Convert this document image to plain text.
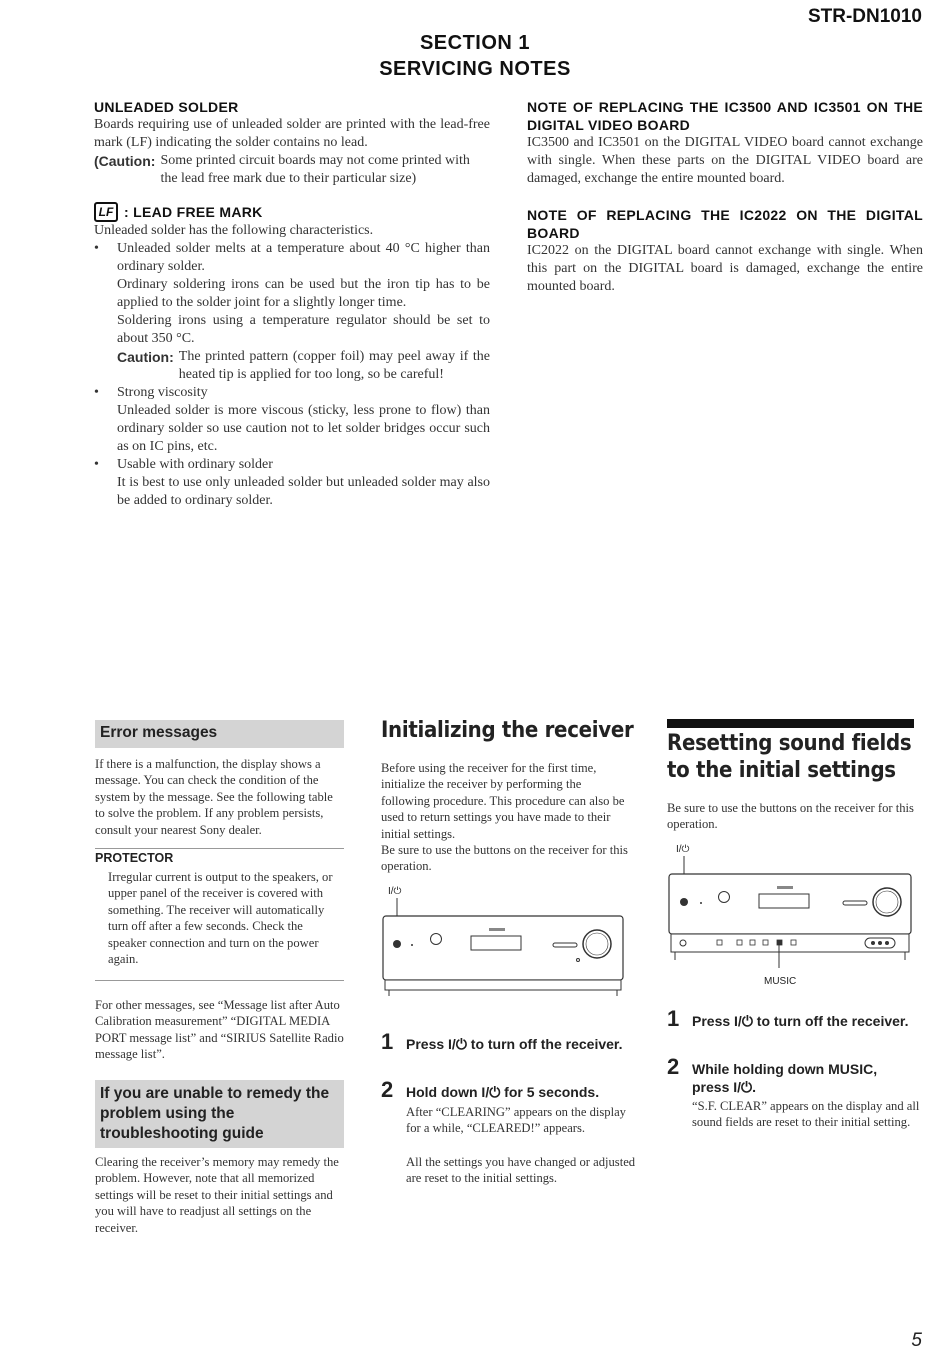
STR-DN1010
SECTION 1
SERVICING NOTES
UNLEADED SOLDER
Boards requiring use of unleaded solder are printed with the lead-free mark (LF) indicating the solder contains no lead.
(Caution: Some printed circuit boards may not come printed with the lead free mark due to their particular size)
LF : LEAD FREE MARK
Unleaded solder has the following characteristics.
•	Unleaded solder melts at a temperature about 40 °C higher than ordinary solder.
Ordinary soldering irons can be used but the iron tip has to be applied to the solder joint for a slightly longer time.
Soldering irons using a temperature regulator should be set to about 350 °C.
Caution: The printed pattern (copper foil) may peel away if the heated tip is applied for too long, so be careful!
•	Strong viscosity
Unleaded solder is more viscous (sticky, less prone to flow) than ordinary solder so use caution not to let solder bridges occur such as on IC pins, etc.
•	Usable with ordinary solder
It is best to use only unleaded solder but unleaded solder may also be added to ordinary solder.
NOTE OF REPLACING THE IC3500 AND IC3501 ON THE DIGITAL VIDEO BOARD
IC3500 and IC3501 on the DIGITAL VIDEO board cannot exchange with single. When these parts on the DIGITAL VIDEO board are damaged, exchange the entire mounted board.
NOTE OF REPLACING THE IC2022 ON THE DIGITAL BOARD
IC2022 on the DIGITAL board cannot exchange with single. When this part on the DIGITAL board is damaged, exchange the entire mounted board.
Error messages
If there is a malfunction, the display shows a message. You can check the condition of the system by the message. See the following table to solve the problem. If any problem persists, consult your nearest Sony dealer.
PROTECTOR
Irregular current is output to the speakers, or upper panel of the receiver is covered with something. The receiver will automatically turn off after a few seconds. Check the speaker connection and turn on the power again.
For other messages, see “Message list after Auto Calibration measurement” “DIGITAL MEDIA PORT message list” and “SIRIUS Satellite Radio message list”.
If you are unable to remedy the problem using the troubleshooting guide
Clearing the receiver’s memory may remedy the problem. However, note that all memorized settings will be reset to their initial settings and you will have to readjust all settings on the receiver.
Initializing the receiver
Before using the receiver for the first time, initialize the receiver by performing the following procedure. This procedure can also be used to return settings you have made to their initial settings.
Be sure to use the buttons on the receiver for this operation.
I/⏻
1 Press I/⏻ to turn off the receiver.
2 Hold down I/⏻ for 5 seconds.
After “CLEARING” appears on the display for a while, “CLEARED!” appears.
All the settings you have changed or adjusted are reset to the initial settings.
Resetting sound fields to the initial settings
Be sure to use the buttons on the receiver for this operation.
I/⏻
MUSIC
1 Press I/⏻ to turn off the receiver.
2 While holding down MUSIC, press I/⏻.
“S.F. CLEAR” appears on the display and all sound fields are reset to their initial setting.
5
